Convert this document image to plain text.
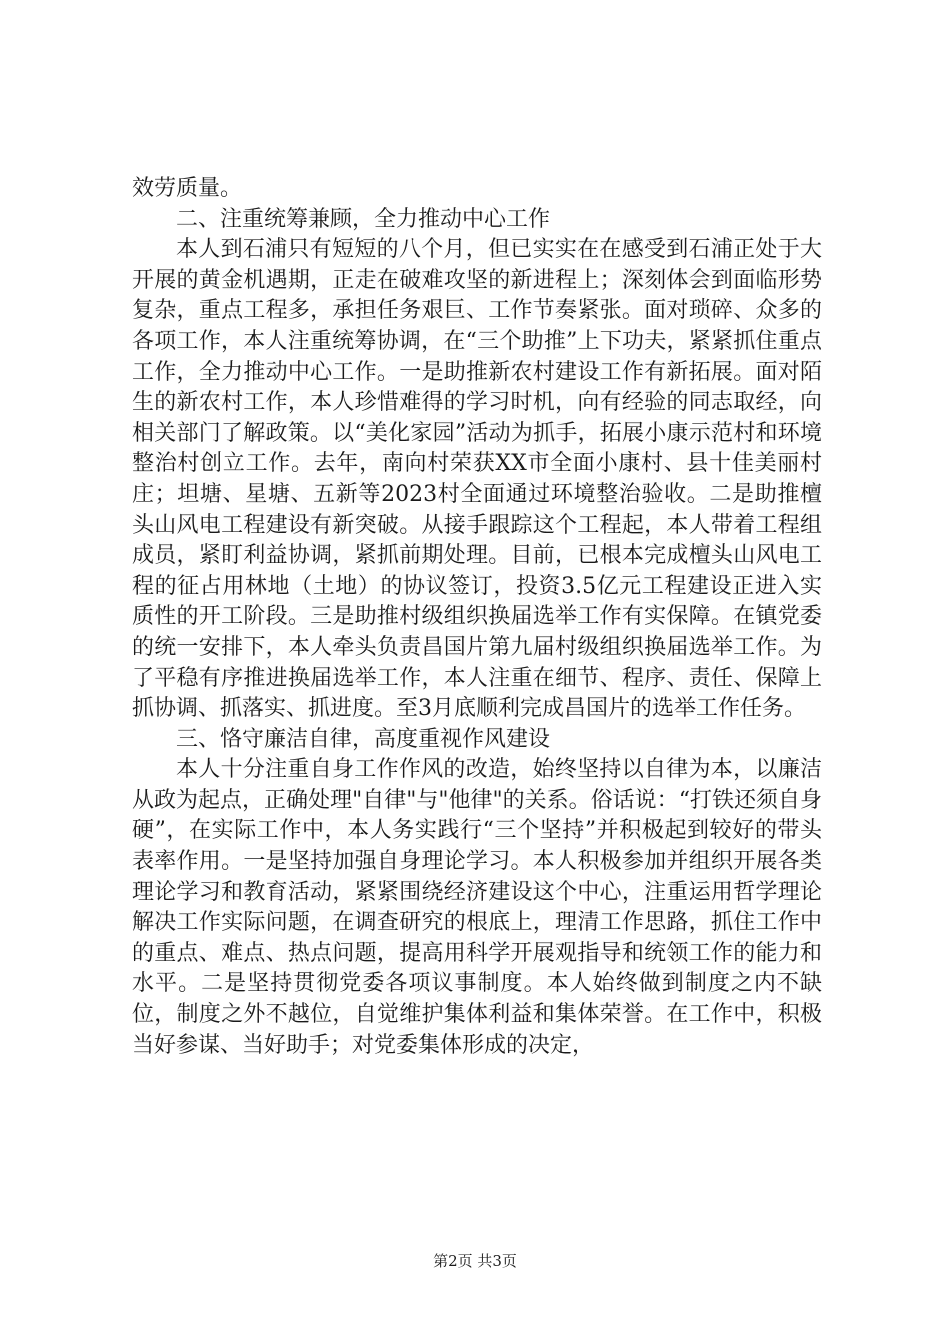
效劳质量。

二、注重统筹兼顾，全力推动中心工作

本人到石浦只有短短的八个月，但已实实在在感受到石浦正处于大开展的黄金机遇期，正走在破难攻坚的新进程上；深刻体会到面临形势复杂，重点工程多，承担任务艰巨、工作节奏紧张。面对琐碎、众多的各项工作，本人注重统筹协调，在“三个助推”上下功夫，紧紧抓住重点工作，全力推动中心工作。一是助推新农村建设工作有新拓展。面对陌生的新农村工作，本人珍惜难得的学习时机，向有经验的同志取经，向相关部门了解政策。以“美化家园”活动为抓手，拓展小康示范村和环境整治村创立工作。去年，南向村荣获XX市全面小康村、县十佳美丽村庄；坦塘、星塘、五新等2023村全面通过环境整治验收。二是助推檀头山风电工程建设有新突破。从接手跟踪这个工程起，本人带着工程组成员，紧盯利益协调，紧抓前期处理。目前，已根本完成檀头山风电工程的征占用林地（土地）的协议签订，投资3.5亿元工程建设正进入实质性的开工阶段。三是助推村级组织换届选举工作有实保障。在镇党委的统一安排下，本人牵头负责昌国片第九届村级组织换届选举工作。为了平稳有序推进换届选举工作，本人注重在细节、程序、责任、保障上抓协调、抓落实、抓进度。至3月底顺利完成昌国片的选举工作任务。

三、恪守廉洁自律，高度重视作风建设

本人十分注重自身工作作风的改造，始终坚持以自律为本，以廉洁从政为起点，正确处理"自律"与"他律"的关系。俗话说：“打铁还须自身硬”，在实际工作中，本人务实践行“三个坚持”并积极起到较好的带头表率作用。一是坚持加强自身理论学习。本人积极参加并组织开展各类理论学习和教育活动，紧紧围绕经济建设这个中心，注重运用哲学理论解决工作实际问题，在调查研究的根底上，理清工作思路，抓住工作中的重点、难点、热点问题，提高用科学开展观指导和统领工作的能力和水平。二是坚持贯彻党委各项议事制度。本人始终做到制度之内不缺位，制度之外不越位，自觉维护集体利益和集体荣誉。在工作中，积极当好参谋、当好助手；对党委集体形成的决定，

第2页 共3页
